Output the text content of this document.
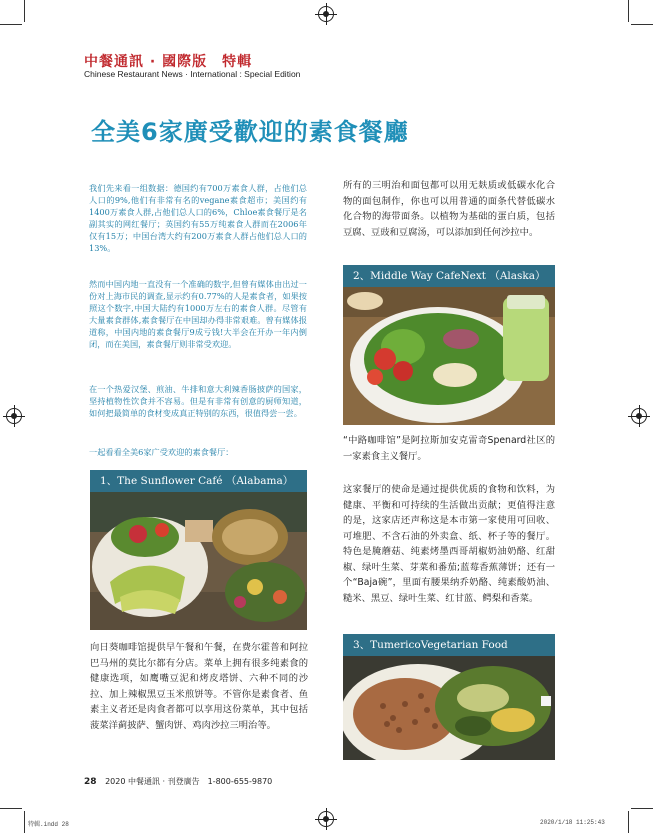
中餐通訊 · 國際版　特輯
Chinese Restaurant News · International : Special Edition
全美6家廣受歡迎的素食餐廳

我们先来看一组数据：德国约有700万素食人群，占他们总人口的9%,他们有非常有名的vegane素食超市；美国约有1400万素食人群,占他们总人口的6%，Chloe素食餐厅是名副其实的网红餐厅；英国约有55万纯素食人群而在2006年仅有15万；中国台湾大约有200万素食人群占他们总人口的13%。

然而中国内地一直没有一个准确的数字,但曾有媒体由出过一份对上海市民的调查,显示约有0.77%的人是素食者，如果按照这个数字,中国大陆约有1000万左右的素食人群。尽管有大量素食群体,素食餐厅在中国却办得非常艰难。曾有媒体报道称，中国内地的素食餐厅9成亏钱!大半会在开办一年内倒闭，而在美国，素食餐厅则非常受欢迎。

在一个热爱汉堡、煎油、牛排和意大利辣香肠披萨的国家，坚持植物性饮食并不容易。但是有非常有创意的厨师知道，如何把最简单的食材变成真正特别的东西，很值得尝一尝。

一起看看全美6家广受欢迎的素食餐厅：

1、The Sunflower Café （Alabama）

向日葵咖啡馆提供早午餐和午餐，在费尔霍普和阿拉巴马州的莫比尔都有分店。菜单上拥有很多纯素食的健康选项，如鹰嘴豆泥和烤皮塔饼、六种不同的沙拉、加上辣椒黑豆玉米煎饼等。不管你是素食者、鱼素主义者还是肉食者都可以享用这份菜单，其中包括菠菜洋蓟披萨、蟹肉饼、鸡肉沙拉三明治等。

所有的三明治和面包都可以用无麸质或低碳水化合物的面包制作，你也可以用普通的面条代替低碳水化合物的海带面条。以植物为基础的蛋白质，包括豆腐、豆豉和豆腐汤，可以添加到任何沙拉中。

2、Middle Way CafeNext （Alaska）

“中路咖啡馆”是阿拉斯加安克雷奇Spenard社区的一家素食主义餐厅。

这家餐厅的使命是通过提供优质的食物和饮料，为健康、平衡和可持续的生活做出贡献；更值得注意的是，这家店还声称这是本市第一家使用可回收、可堆肥、不含石油的外卖盒、纸、杯子等的餐厅。特色是腌蘑菇、纯素烤墨西哥胡椒奶油奶酪、红甜椒、绿叶生菜、芽菜和番茄;蓝莓香蕉薄饼；还有一个“Baja碗”，里面有腰果纳乔奶酪、纯素酸奶油、糙米、黑豆、绿叶生菜、红甘蓝、鳄梨和香菜。

3、TumericoVegetarian Food
28 2020 中餐通訊 · 刊登廣告　1-800-655-9870
特輯.indd 28	2020/1/18 11:25:43
